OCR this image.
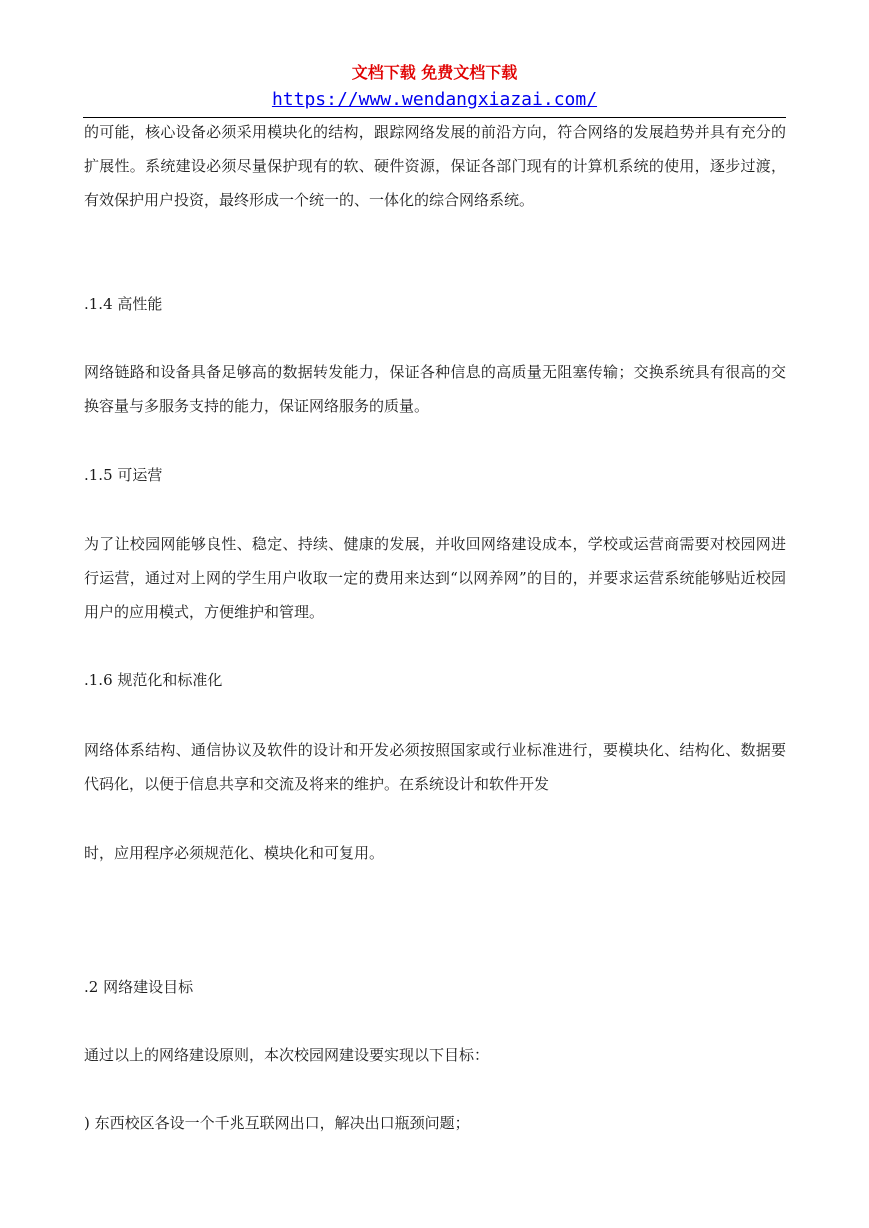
文档下载 免费文档下载
https://www.wendangxiazai.com/
的可能，核心设备必须采用模块化的结构，跟踪网络发展的前沿方向，符合网络的发展趋势并具有充分的扩展性。系统建设必须尽量保护现有的软、硬件资源，保证各部门现有的计算机系统的使用，逐步过渡，有效保护用户投资，最终形成一个统一的、一体化的综合网络系统。
.1.4 高性能
网络链路和设备具备足够高的数据转发能力，保证各种信息的高质量无阻塞传输；交换系统具有很高的交换容量与多服务支持的能力，保证网络服务的质量。
.1.5 可运营
为了让校园网能够良性、稳定、持续、健康的发展，并收回网络建设成本，学校或运营商需要对校园网进行运营，通过对上网的学生用户收取一定的费用来达到“以网养网”的目的，并要求运营系统能够贴近校园用户的应用模式，方便维护和管理。
.1.6 规范化和标准化
网络体系结构、通信协议及软件的设计和开发必须按照国家或行业标准进行，要模块化、结构化、数据要代码化，以便于信息共享和交流及将来的维护。在系统设计和软件开发
时，应用程序必须规范化、模块化和可复用。
.2 网络建设目标
通过以上的网络建设原则，本次校园网建设要实现以下目标：
) 东西校区各设一个千兆互联网出口，解决出口瓶颈问题；
